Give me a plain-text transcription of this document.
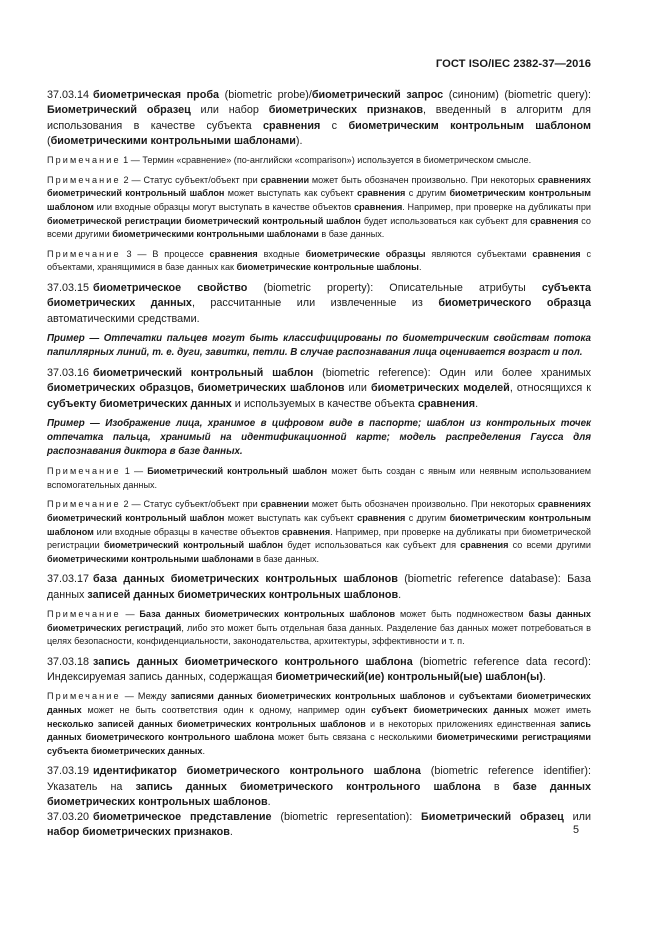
ГОСТ ISO/IEC 2382-37—2016

37.03.14 биометрическая проба (biometric probe)/биометрический запрос (синоним) (biometric query): Биометрический образец или набор биометрических признаков, введенный в алгоритм для использования в качестве субъекта сравнения с биометрическим контрольным шаблоном (биометрическими контрольными шаблонами).

Примечание 1 — Термин «сравнение» (по-английски «comparison») используется в биометрическом смысле.

Примечание 2 — Статус субъект/объект при сравнении может быть обозначен произвольно. При некоторых сравнениях биометрический контрольный шаблон может выступать как субъект сравнения с другим биометрическим контрольным шаблоном или входные образцы могут выступать в качестве объектов сравнения. Например, при проверке на дубликаты при биометрической регистрации биометрический контрольный шаблон будет использоваться как субъект для сравнения со всеми другими биометрическими контрольными шаблонами в базе данных.

Примечание 3 — В процессе сравнения входные биометрические образцы являются субъектами сравнения с объектами, хранящимися в базе данных как биометрические контрольные шаблоны.

37.03.15 биометрическое свойство (biometric property): Описательные атрибуты субъекта биометрических данных, рассчитанные или извлеченные из биометрического образца автоматическими средствами.

Пример — Отпечатки пальцев могут быть классифицированы по биометрическим свойствам потока папиллярных линий, т. е. дуги, завитки, петли. В случае распознавания лица оценивается возраст и пол.

37.03.16 биометрический контрольный шаблон (biometric reference): Один или более хранимых биометрических образцов, биометрических шаблонов или биометрических моделей, относящихся к субъекту биометрических данных и используемых в качестве объекта сравнения.

Пример — Изображение лица, хранимое в цифровом виде в паспорте; шаблон из контрольных точек отпечатка пальца, хранимый на идентификационной карте; модель распределения Гаусса для распознавания диктора в базе данных.

Примечание 1 — Биометрический контрольный шаблон может быть создан с явным или неявным использованием вспомогательных данных.

Примечание 2 — Статус субъект/объект при сравнении может быть обозначен произвольно. При некоторых сравнениях биометрический контрольный шаблон может выступать как субъект сравнения с другим биометрическим контрольным шаблоном или входные образцы в качестве объектов сравнения. Например, при проверке на дубликаты при биометрической регистрации биометрический контрольный шаблон будет использоваться как субъект для сравнения со всеми другими биометрическими контрольными шаблонами в базе данных.

37.03.17 база данных биометрических контрольных шаблонов (biometric reference database): База данных записей данных биометрических контрольных шаблонов.

Примечание — База данных биометрических контрольных шаблонов может быть подмножеством базы данных биометрических регистраций, либо это может быть отдельная база данных. Разделение баз данных может потребоваться в целях безопасности, конфиденциальности, законодательства, архитектуры, эффективности и т. п.

37.03.18 запись данных биометрического контрольного шаблона (biometric reference data record): Индексируемая запись данных, содержащая биометрический(ие) контрольный(ые) шаблон(ы).

Примечание — Между записями данных биометрических контрольных шаблонов и субъектами биометрических данных может не быть соответствия один к одному, например один субъект биометрических данных может иметь несколько записей данных биометрических контрольных шаблонов и в некоторых приложениях единственная запись данных биометрического контрольного шаблона может быть связана с несколькими биометрическими регистрациями субъекта биометрических данных.

37.03.19 идентификатор биометрического контрольного шаблона (biometric reference identifier): Указатель на запись данных биометрического контрольного шаблона в базе данных биометрических контрольных шаблонов.

37.03.20 биометрическое представление (biometric representation): Биометрический образец или набор биометрических признаков.	5
